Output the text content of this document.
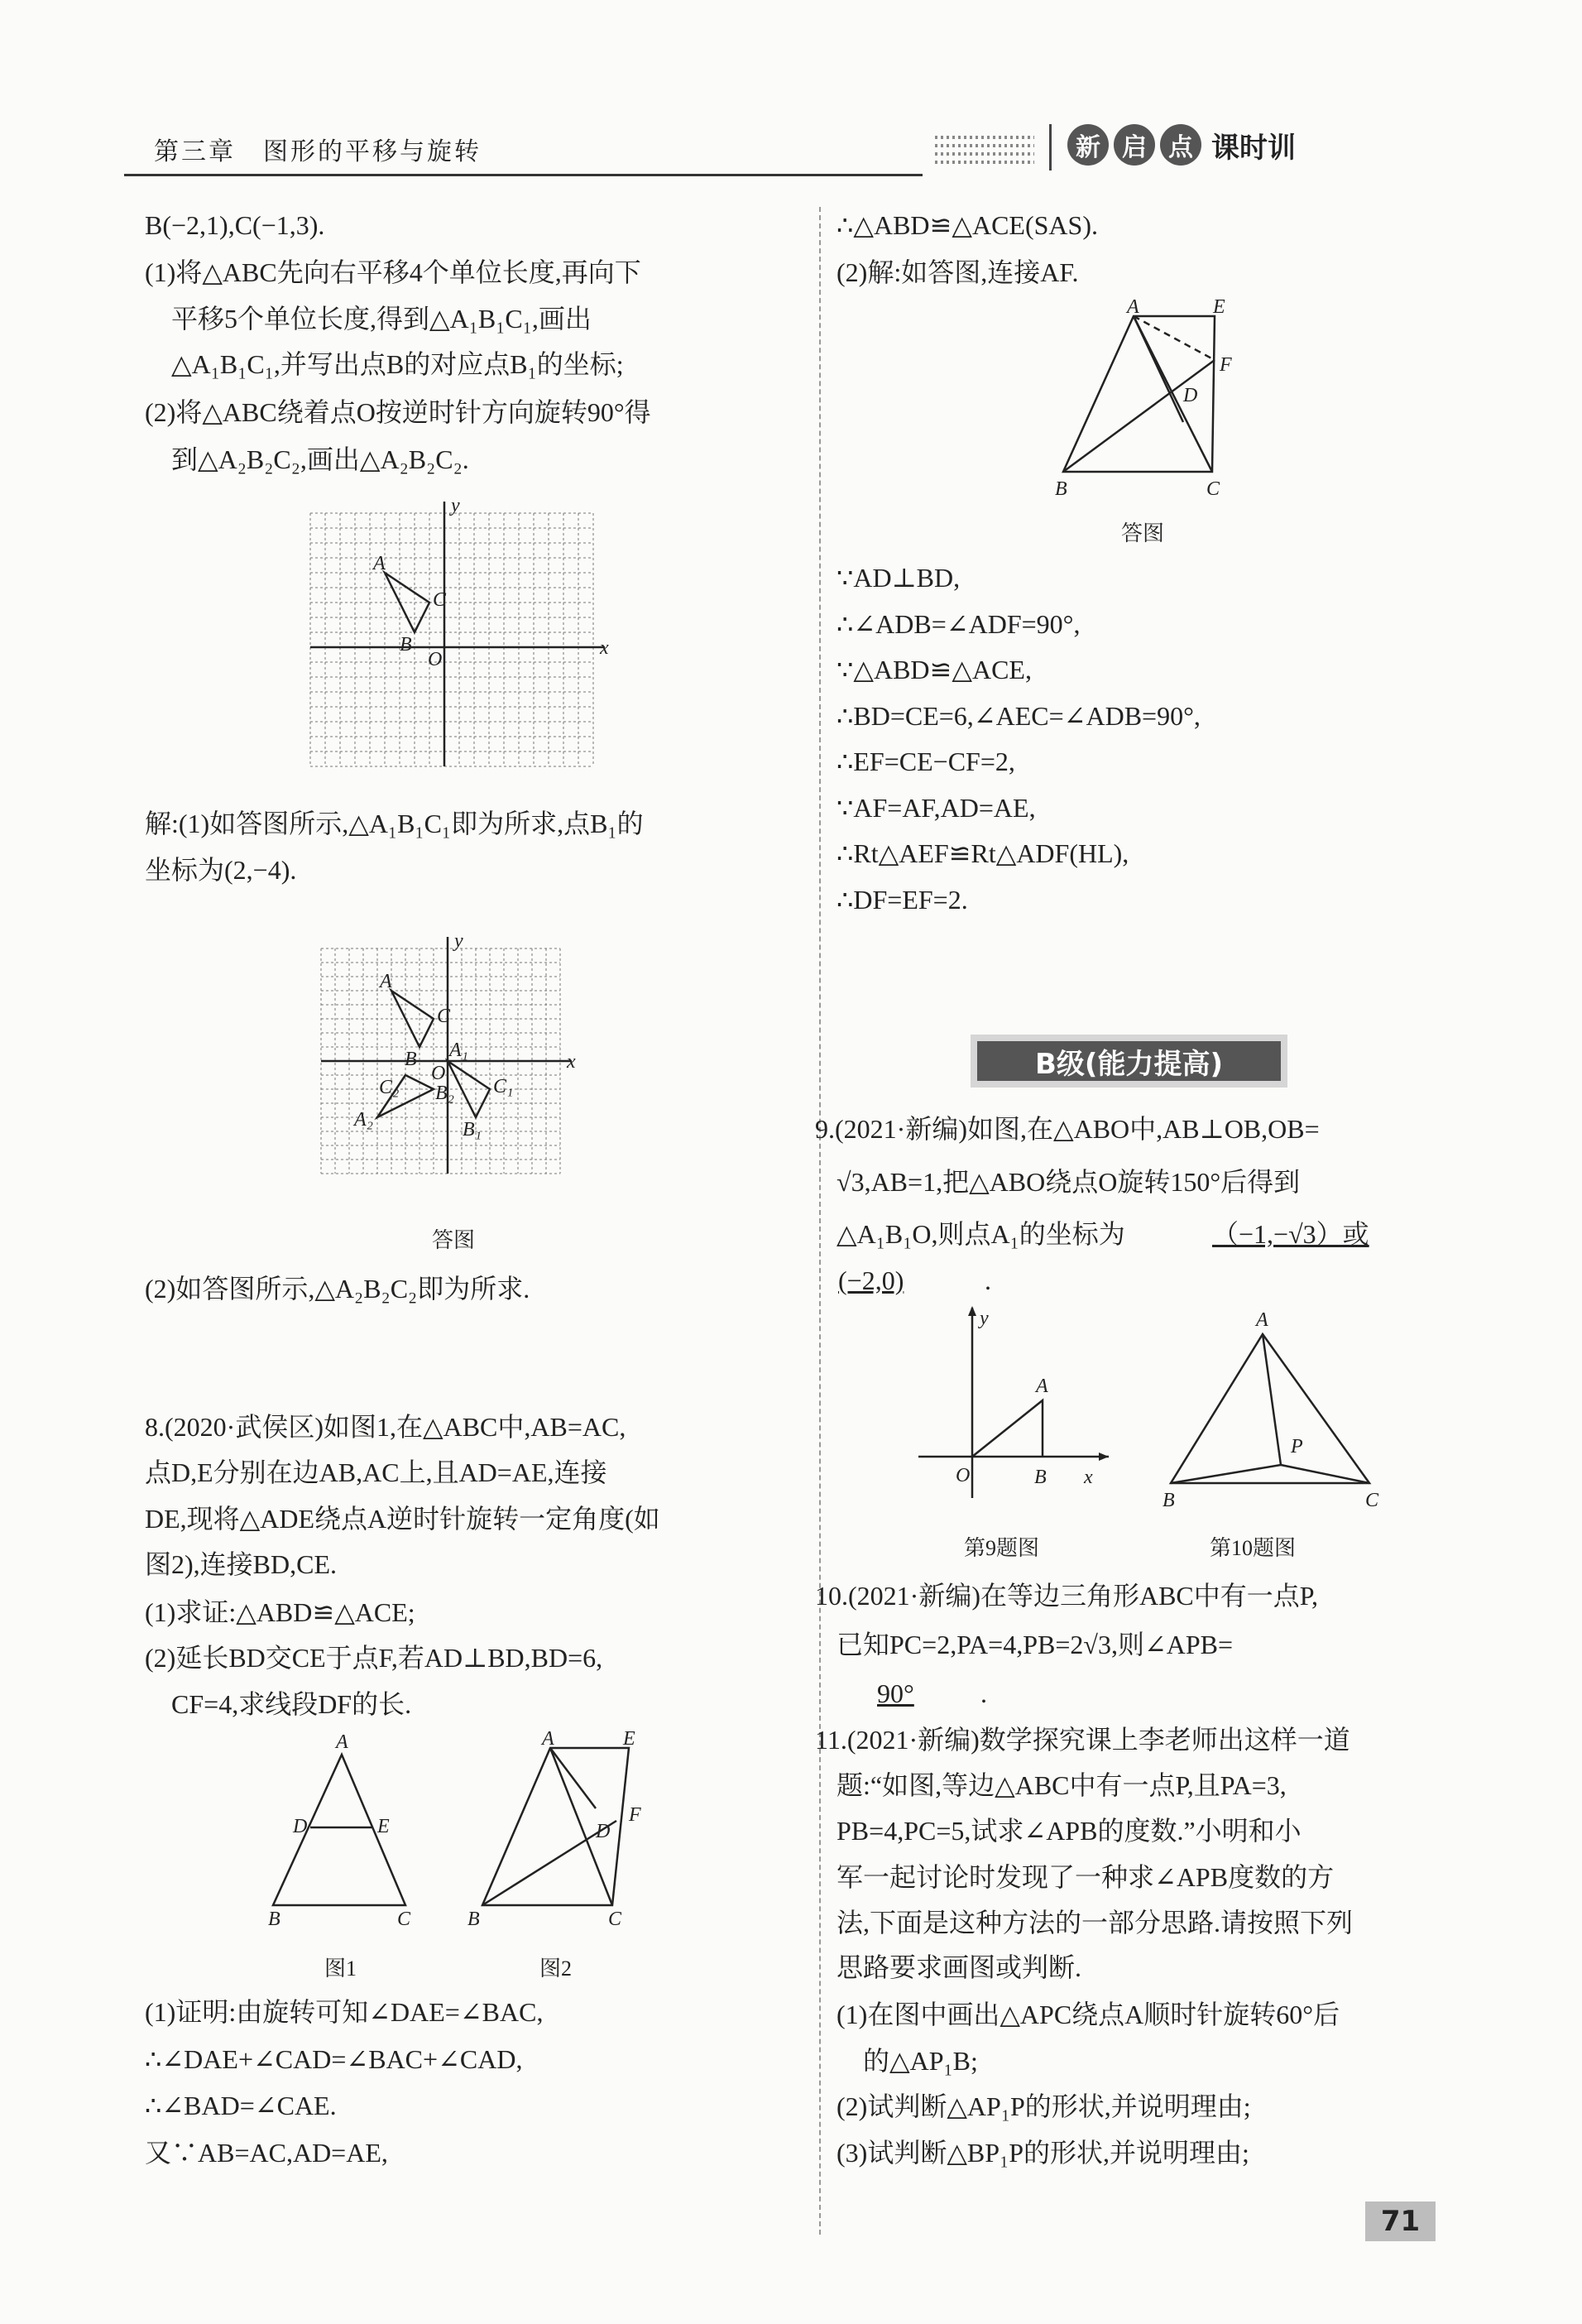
第三章　图形的平移与旋转	新 启 点 课时训
（−1,−√3）或
(−2,0)
90°
B级(能力提高)
x
y
O
A
B
C
x
y
O
A
B
C
A₁
B₁
C₁
A₂
B₂
C₂
答图
A
D	E
B	C
图1
A	E
F
D
B	C
图2
A	E
F
D
B	C
答图
y
A
O	B x
第9题图
A
P
B	C
第10题图
71
B(−2,1),C(−1,3).
(1)将△ABC先向右平移4个单位长度,再向下
　平移5个单位长度,得到△A₁B₁C₁,画出
　△A₁B₁C₁,并写出点B的对应点B₁的坐标;
(2)将△ABC绕着点O按逆时针方向旋转90°得
　到△A₂B₂C₂,画出△A₂B₂C₂.
解:(1)如答图所示,△A₁B₁C₁即为所求,点B₁的
坐标为(2,−4).
(2)如答图所示,△A₂B₂C₂即为所求.
8.(2020·武侯区)如图1,在△ABC中,AB=AC,
点D,E分别在边AB,AC上,且AD=AE,连接
DE,现将△ADE绕点A逆时针旋转一定角度(如
图2),连接BD,CE.
(1)求证:△ABD≌△ACE;
(2)延长BD交CE于点F,若AD⊥BD,BD=6,
　CF=4,求线段DF的长.
(1)证明:由旋转可知∠DAE=∠BAC,
∴∠DAE+∠CAD=∠BAC+∠CAD,
∴∠BAD=∠CAE.
又∵AB=AC,AD=AE,
∴△ABD≌△ACE(SAS).
(2)解:如答图,连接AF.
∵AD⊥BD,
∴∠ADB=∠ADF=90°,
∵△ABD≌△ACE,
∴BD=CE=6,∠AEC=∠ADB=90°,
∴EF=CE−CF=2,
∵AF=AF,AD=AE,
∴Rt△AEF≌Rt△ADF(HL),
∴DF=EF=2.
9.(2021·新编)如图,在△ABO中,AB⊥OB,OB=
√3,AB=1,把△ABO绕点O旋转150°后得到
△A₁B₁O,则点A₁的坐标为
.
10.(2021·新编)在等边三角形ABC中有一点P,
已知PC=2,PA=4,PB=2√3,则∠APB=
.
11.(2021·新编)数学探究课上李老师出这样一道
题:“如图,等边△ABC中有一点P,且PA=3,
PB=4,PC=5,试求∠APB的度数.”小明和小
军一起讨论时发现了一种求∠APB度数的方
法,下面是这种方法的一部分思路.请按照下列
思路要求画图或判断.
(1)在图中画出△APC绕点A顺时针旋转60°后
　的△AP₁B;
(2)试判断△AP₁P的形状,并说明理由;
(3)试判断△BP₁P的形状,并说明理由;
